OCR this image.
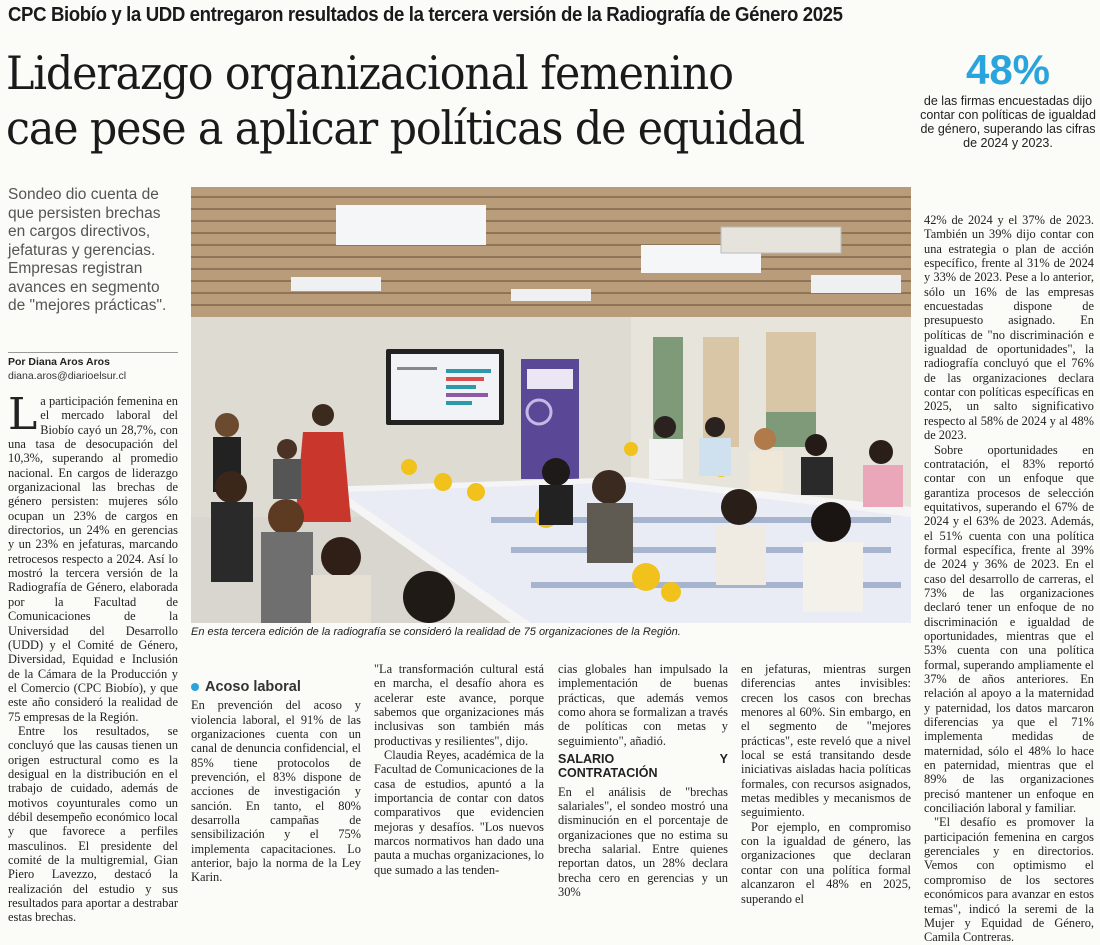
CPC Biobío y la UDD entregaron resultados de la tercera versión de la Radiografía de Género 2025
Liderazgo organizacional femenino
cae pese a aplicar políticas de equidad
48%
de las firmas encuestadas dijo contar con políticas de igualdad de género, superando las cifras de 2024 y 2023.
Sondeo dio cuenta de que persisten brechas en cargos directivos, jefaturas y gerencias. Empresas registran avances en segmento de "mejores prácticas".
Por Diana Aros Aros
diana.aros@diarioelsur.cl
En esta tercera edición de la radiografía se consideró la realidad de 75 organizaciones de la Región.

La participación femenina en el mercado laboral del Biobío cayó un 28,7%, con una tasa de desocupación del 10,3%, superando al promedio nacional. En cargos de liderazgo organizacional las brechas de género persisten: mujeres sólo ocupan un 23% de cargos en directorios, un 24% en gerencias y un 23% en jefaturas, marcando retrocesos respecto a 2024. Así lo mostró la tercera versión de la Radiografía de Género, elaborada por la Facultad de Comunicaciones de la Universidad del Desarrollo (UDD) y el Comité de Género, Diversidad, Equidad e Inclusión de la Cámara de la Producción y el Comercio (CPC Biobío), y que este año consideró la realidad de 75 empresas de la Región.

Entre los resultados, se concluyó que las causas tienen un origen estructural como es la desigual en la distribución en el trabajo de cuidado, además de motivos coyunturales como un débil desempeño económico local y que favorece a perfiles masculinos. El presidente del comité de la multigremial, Gian Piero Lavezzo, destacó la realización del estudio y sus resultados para aportar a destrabar estas brechas.

Acoso laboral

En prevención del acoso y violencia laboral, el 91% de las organizaciones cuenta con un canal de denuncia confidencial, el 85% tiene protocolos de prevención, el 83% dispone de acciones de investigación y sanción. En tanto, el 80% desarrolla campañas de sensibilización y el 75% implementa capacitaciones. Lo anterior, bajo la norma de la Ley Karin.

"La transformación cultural está en marcha, el desafío ahora es acelerar este avance, porque sabemos que organizaciones más inclusivas son también más productivas y resilientes", dijo.

Claudia Reyes, académica de la Facultad de Comunicaciones de la casa de estudios, apuntó a la importancia de contar con datos comparativos que evidencien mejoras y desafíos. "Los nuevos marcos normativos han dado una pauta a muchas organizaciones, lo que sumado a las tenden-

cias globales han impulsado la implementación de buenas prácticas, que además vemos como ahora se formalizan a través de políticas con metas y seguimiento", añadió.

SALARIO Y CONTRATACIÓN

En el análisis de "brechas salariales", el sondeo mostró una disminución en el porcentaje de organizaciones que no estima su brecha salarial. Entre quienes reportan datos, un 28% declara brecha cero en gerencias y un 30%

en jefaturas, mientras surgen diferencias antes invisibles: crecen los casos con brechas menores al 60%. Sin embargo, en el segmento de "mejores prácticas", este reveló que a nivel local se está transitando desde iniciativas aisladas hacia políticas formales, con recursos asignados, metas medibles y mecanismos de seguimiento.

Por ejemplo, en compromiso con la igualdad de género, las organizaciones que declaran contar con una política formal alcanzaron el 48% en 2025, superando el

42% de 2024 y el 37% de 2023. También un 39% dijo contar con una estrategia o plan de acción específico, frente al 31% de 2024 y 33% de 2023. Pese a lo anterior, sólo un 16% de las empresas encuestadas dispone de presupuesto asignado. En políticas de "no discriminación e igualdad de oportunidades", la radiografía concluyó que el 76% de las organizaciones declara contar con políticas específicas en 2025, un salto significativo respecto al 58% de 2024 y al 48% de 2023.

Sobre oportunidades en contratación, el 83% reportó contar con un enfoque que garantiza procesos de selección equitativos, superando el 67% de 2024 y el 63% de 2023. Además, el 51% cuenta con una política formal específica, frente al 39% de 2024 y 36% de 2023. En el caso del desarrollo de carreras, el 73% de las organizaciones declaró tener un enfoque de no discriminación e igualdad de oportunidades, mientras que el 53% cuenta con una política formal, superando ampliamente el 37% de años anteriores. En relación al apoyo a la maternidad y paternidad, los datos marcaron diferencias ya que el 71% implementa medidas de maternidad, sólo el 48% lo hace en paternidad, mientras que el 89% de las organizaciones precisó mantener un enfoque en conciliación laboral y familiar.

"El desafío es promover la participación femenina en cargos gerenciales y en directorios. Vemos con optimismo el compromiso de los sectores económicos para avanzar en estos temas", indicó la seremi de la Mujer y Equidad de Género, Camila Contreras.
